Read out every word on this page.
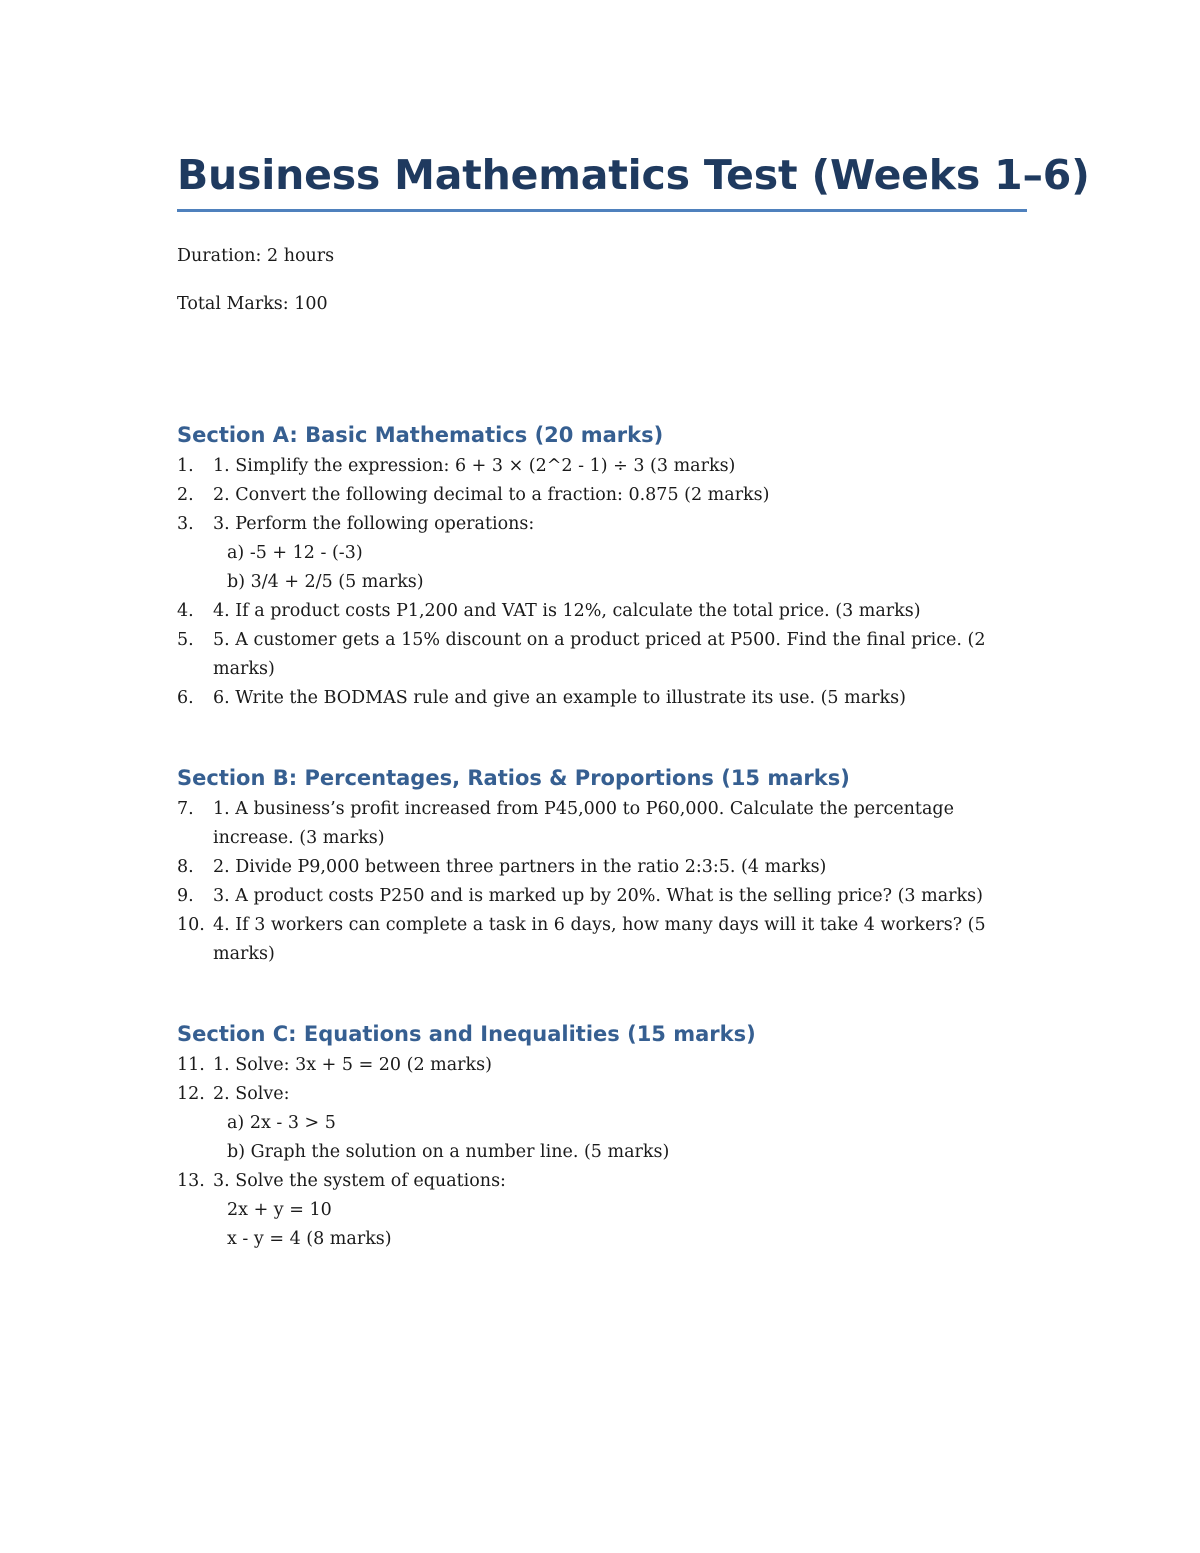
Business Mathematics Test (Weeks 1–6)

Duration: 2 hours

Total Marks: 100

Section A: Basic Mathematics (20 marks)
1. 1. Simplify the expression: 6 + 3 × (2^2 - 1) ÷ 3 (3 marks)
2. 2. Convert the following decimal to a fraction: 0.875 (2 marks)
3. 3. Perform the following operations:
a) -5 + 12 - (-3)
b) 3/4 + 2/5 (5 marks)
4. 4. If a product costs P1,200 and VAT is 12%, calculate the total price. (3 marks)
5. 5. A customer gets a 15% discount on a product priced at P500. Find the final price. (2 marks)
6. 6. Write the BODMAS rule and give an example to illustrate its use. (5 marks)
Section B: Percentages, Ratios & Proportions (15 marks)
7. 1. A business’s profit increased from P45,000 to P60,000. Calculate the percentage increase. (3 marks)
8. 2. Divide P9,000 between three partners in the ratio 2:3:5. (4 marks)
9. 3. A product costs P250 and is marked up by 20%. What is the selling price? (3 marks)
10. 4. If 3 workers can complete a task in 6 days, how many days will it take 4 workers? (5 marks)
Section C: Equations and Inequalities (15 marks)
11. 1. Solve: 3x + 5 = 20 (2 marks)
12. 2. Solve:
a) 2x - 3 > 5
b) Graph the solution on a number line. (5 marks)
13. 3. Solve the system of equations:
2x + y = 10
x - y = 4 (8 marks)
